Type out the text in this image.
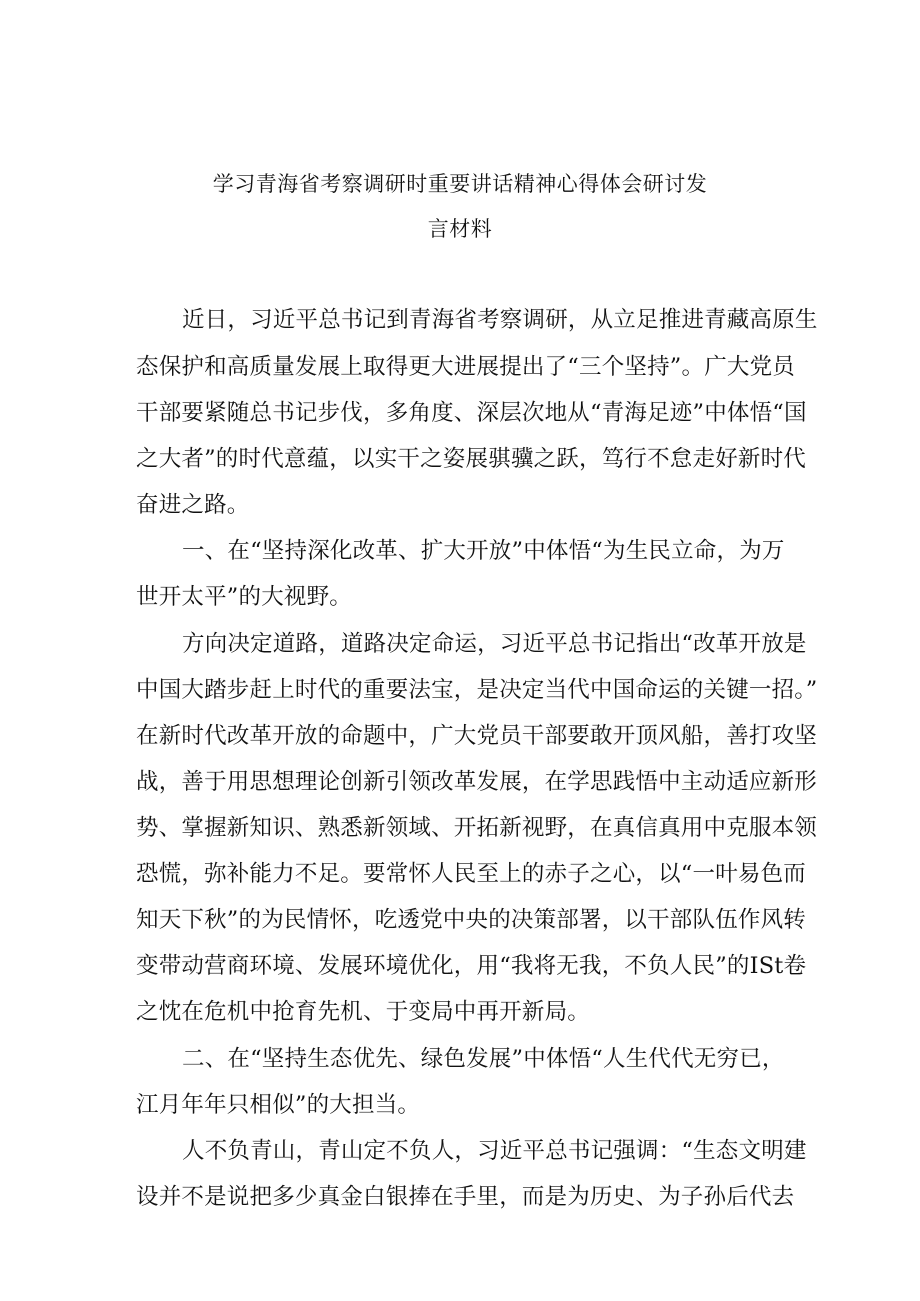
学习青海省考察调研时重要讲话精神心得体会研讨发
言材料
近日，习近平总书记到青海省考察调研，从立足推进青藏高原生
态保护和高质量发展上取得更大进展提出了“三个坚持”。广大党员
干部要紧随总书记步伐，多角度、深层次地从“青海足迹”中体悟“国
之大者”的时代意蕴，以实干之姿展骐骥之跃，笃行不怠走好新时代
奋进之路。
一、在“坚持深化改革、扩大开放”中体悟“为生民立命，为万
世开太平”的大视野。
方向决定道路，道路决定命运，习近平总书记指出“改革开放是
中国大踏步赶上时代的重要法宝，是决定当代中国命运的关键一招。”
在新时代改革开放的命题中，广大党员干部要敢开顶风船，善打攻坚
战，善于用思想理论创新引领改革发展，在学思践悟中主动适应新形
势、掌握新知识、熟悉新领域、开拓新视野，在真信真用中克服本领
恐慌，弥补能力不足。要常怀人民至上的赤子之心，以“一叶易色而
知天下秋”的为民情怀，吃透党中央的决策部署，以干部队伍作风转
变带动营商环境、发展环境优化，用“我将无我，不负人民”的ISt卷
之忱在危机中抢育先机、于变局中再开新局。
二、在“坚持生态优先、绿色发展”中体悟“人生代代无穷已，
江月年年只相似”的大担当。
人不负青山，青山定不负人，习近平总书记强调：“生态文明建
设并不是说把多少真金白银捧在手里，而是为历史、为子孙后代去
